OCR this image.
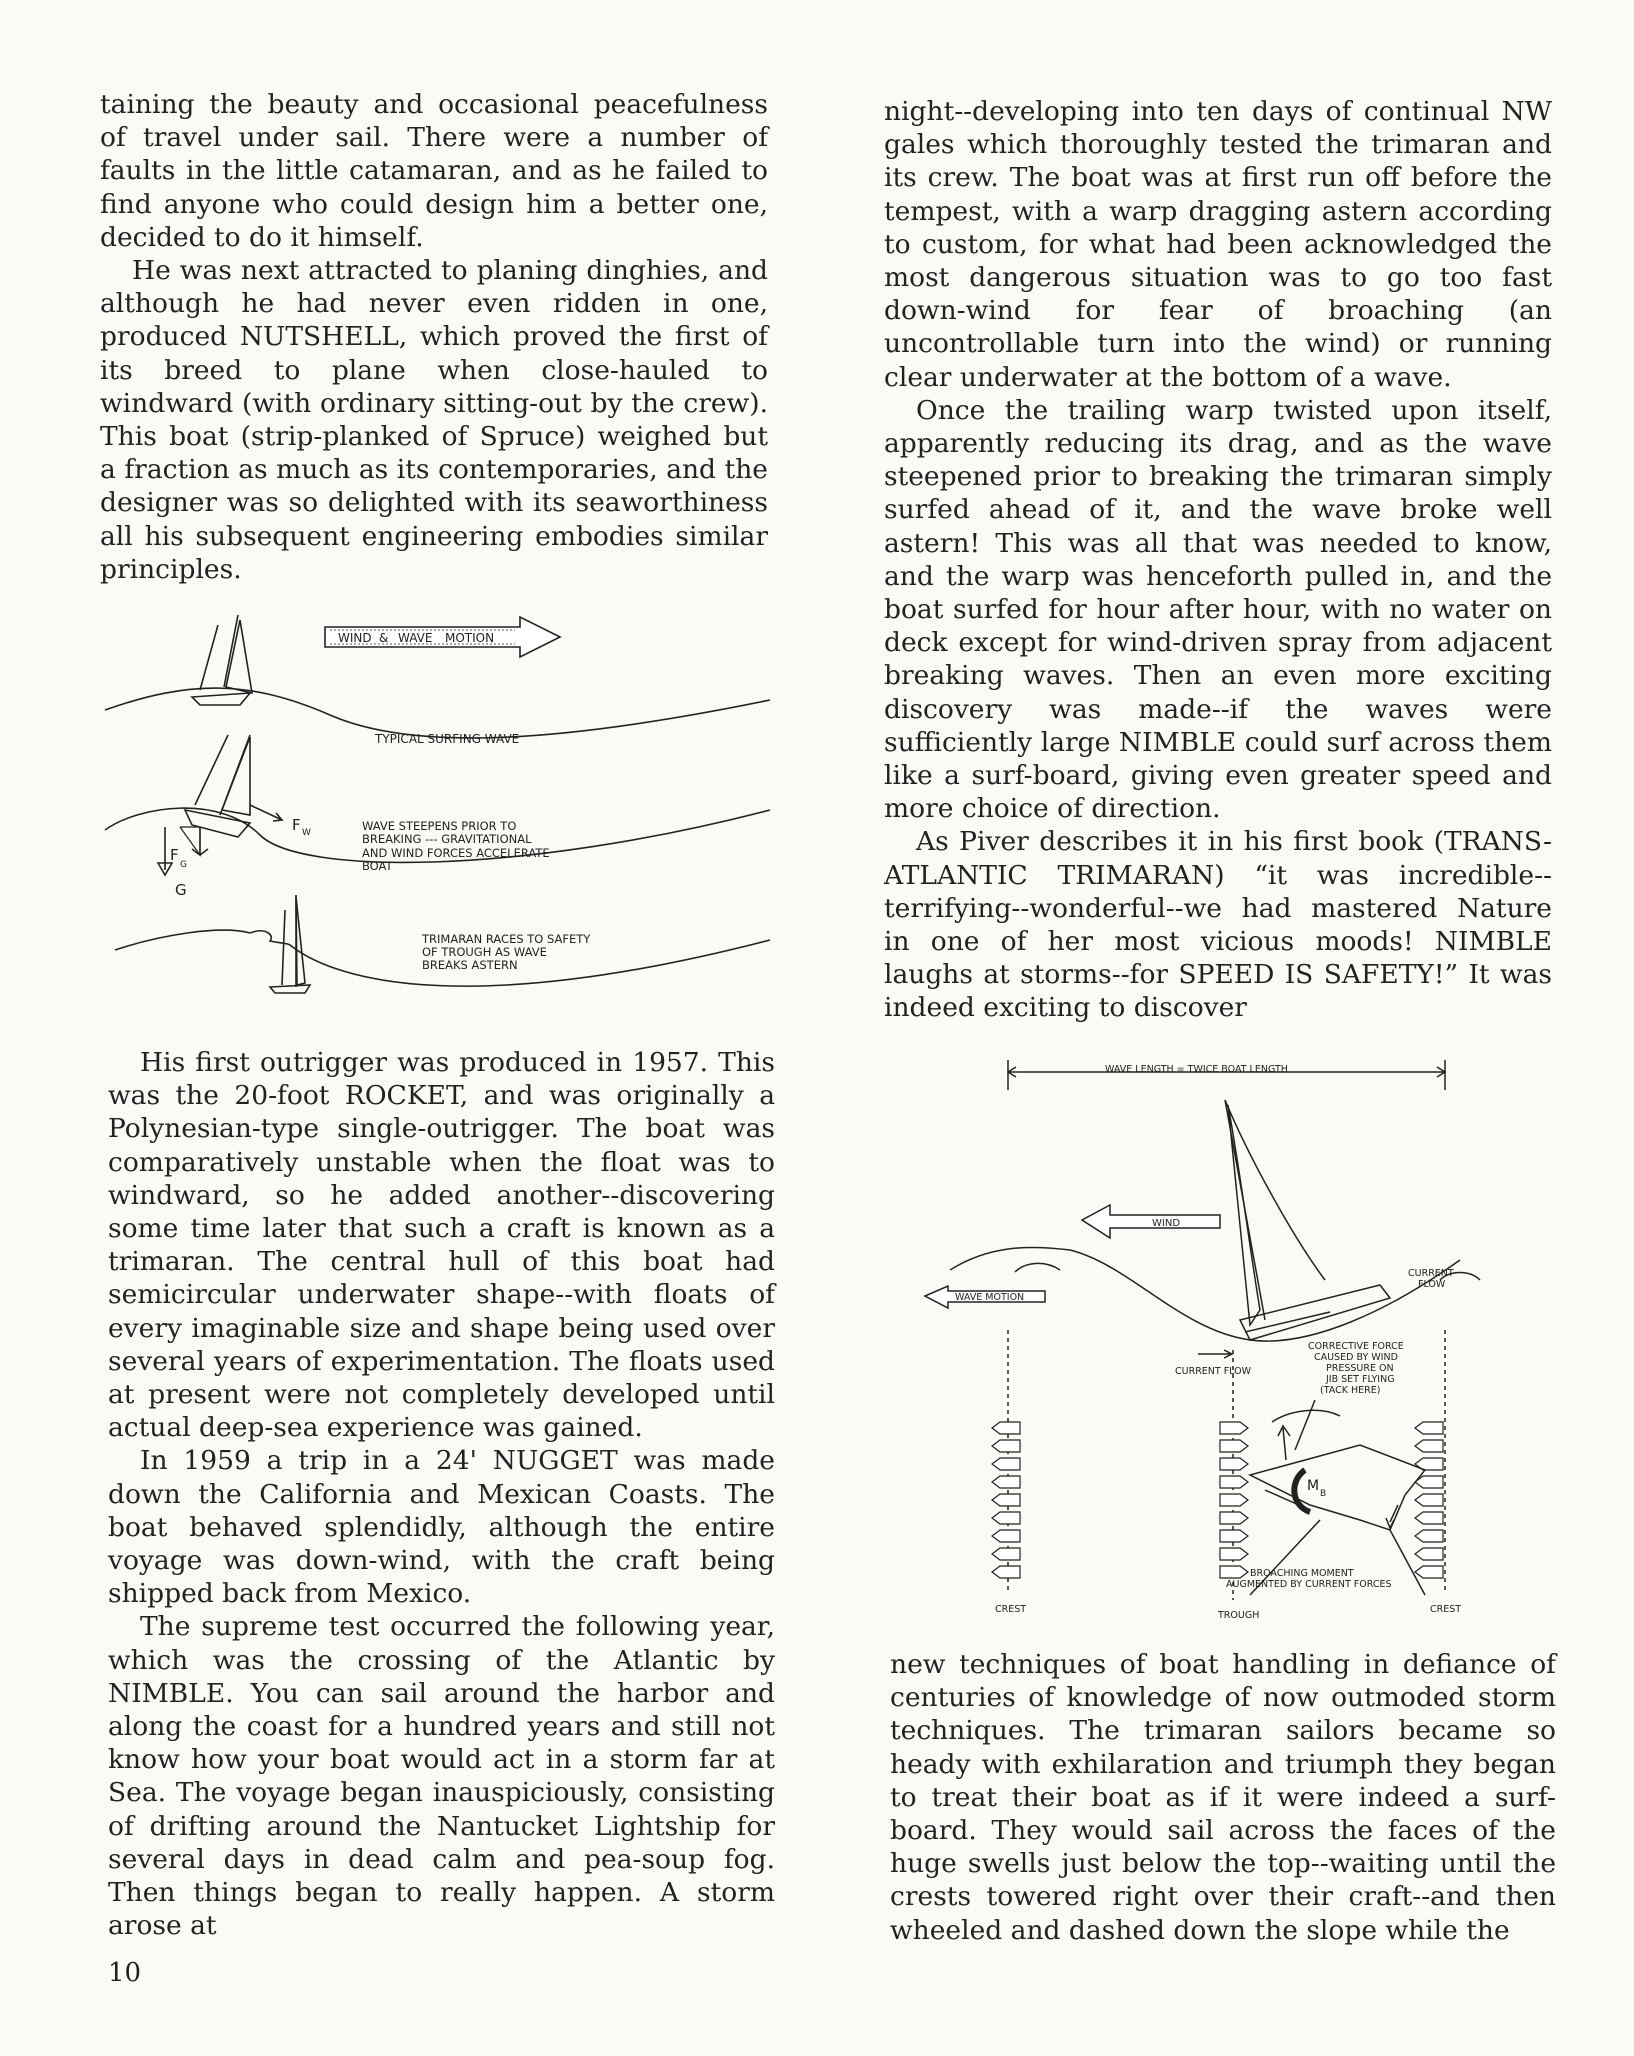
taining the beauty and occasional peacefulness of travel under sail. There were a number of faults in the little catamaran, and as he failed to find anyone who could design him a better one, decided to do it himself.

He was next attracted to planing dinghies, and although he had never even ridden in one, produced NUTSHELL, which proved the first of its breed to plane when close-hauled to windward (with ordinary sitting-out by the crew). This boat (strip-planked of Spruce) weighed but a fraction as much as its contemporaries, and the designer was so delighted with its seaworthiness all his subsequent engineering embodies similar principles.

WIND & WAVE MOTION
TYPICAL SURFING WAVE
WAVE STEEPENS PRIOR TO
BREAKING --- GRAVITATIONAL
AND WIND FORCES ACCELERATE
BOAT
F W
F
G
G
TRIMARAN RACES TO SAFETY
OF TROUGH AS WAVE
BREAKS ASTERN

His first outrigger was produced in 1957. This was the 20-foot ROCKET, and was originally a Polynesian-type single-outrigger. The boat was comparatively unstable when the float was to windward, so he added another--discovering some time later that such a craft is known as a trimaran. The central hull of this boat had semicircular underwater shape--with floats of every imaginable size and shape being used over several years of experimentation. The floats used at present were not completely developed until actual deep-sea experience was gained.

In 1959 a trip in a 24' NUGGET was made down the California and Mexican Coasts. The boat behaved splendidly, although the entire voyage was down-wind, with the craft being shipped back from Mexico.

The supreme test occurred the following year, which was the crossing of the Atlantic by NIMBLE. You can sail around the harbor and along the coast for a hundred years and still not know how your boat would act in a storm far at Sea. The voyage began inauspiciously, consisting of drifting around the Nantucket Lightship for several days in dead calm and pea-soup fog. Then things began to really happen. A storm arose at

night--developing into ten days of continual NW gales which thoroughly tested the trimaran and its crew. The boat was at first run off before the tempest, with a warp dragging astern according to custom, for what had been acknowledged the most dangerous situation was to go too fast down-wind for fear of broaching (an uncontrollable turn into the wind) or running clear underwater at the bottom of a wave.

Once the trailing warp twisted upon itself, apparently reducing its drag, and as the wave steepened prior to breaking the trimaran simply surfed ahead of it, and the wave broke well astern! This was all that was needed to know, and the warp was henceforth pulled in, and the boat surfed for hour after hour, with no water on deck except for wind-driven spray from adjacent breaking waves. Then an even more exciting discovery was made--if the waves were sufficiently large NIMBLE could surf across them like a surf-board, giving even greater speed and more choice of direction.

As Piver describes it in his first book (TRANS-ATLANTIC TRIMARAN) “it was incredible--terrifying--wonderful--we had mastered Nature in one of her most vicious moods! NIMBLE laughs at storms--for SPEED IS SAFETY!” It was indeed exciting to discover

WIND
WAVE MOTION
WAVE LENGTH = TWICE BOAT LENGTH
CURRENT FLOW
CURRENT
FLOW
M B
CORRECTIVE FORCE
CAUSED BY WIND
PRESSURE ON
JIB SET FLYING
(TACK HERE)
BROACHING MOMENT
AUGMENTED BY CURRENT FORCES
CREST
TROUGH
CREST

new techniques of boat handling in defiance of centuries of knowledge of now outmoded storm techniques. The trimaran sailors became so heady with exhilaration and triumph they began to treat their boat as if it were indeed a surf-board. They would sail across the faces of the huge swells just below the top--waiting until the crests towered right over their craft--and then wheeled and dashed down the slope while the

10
